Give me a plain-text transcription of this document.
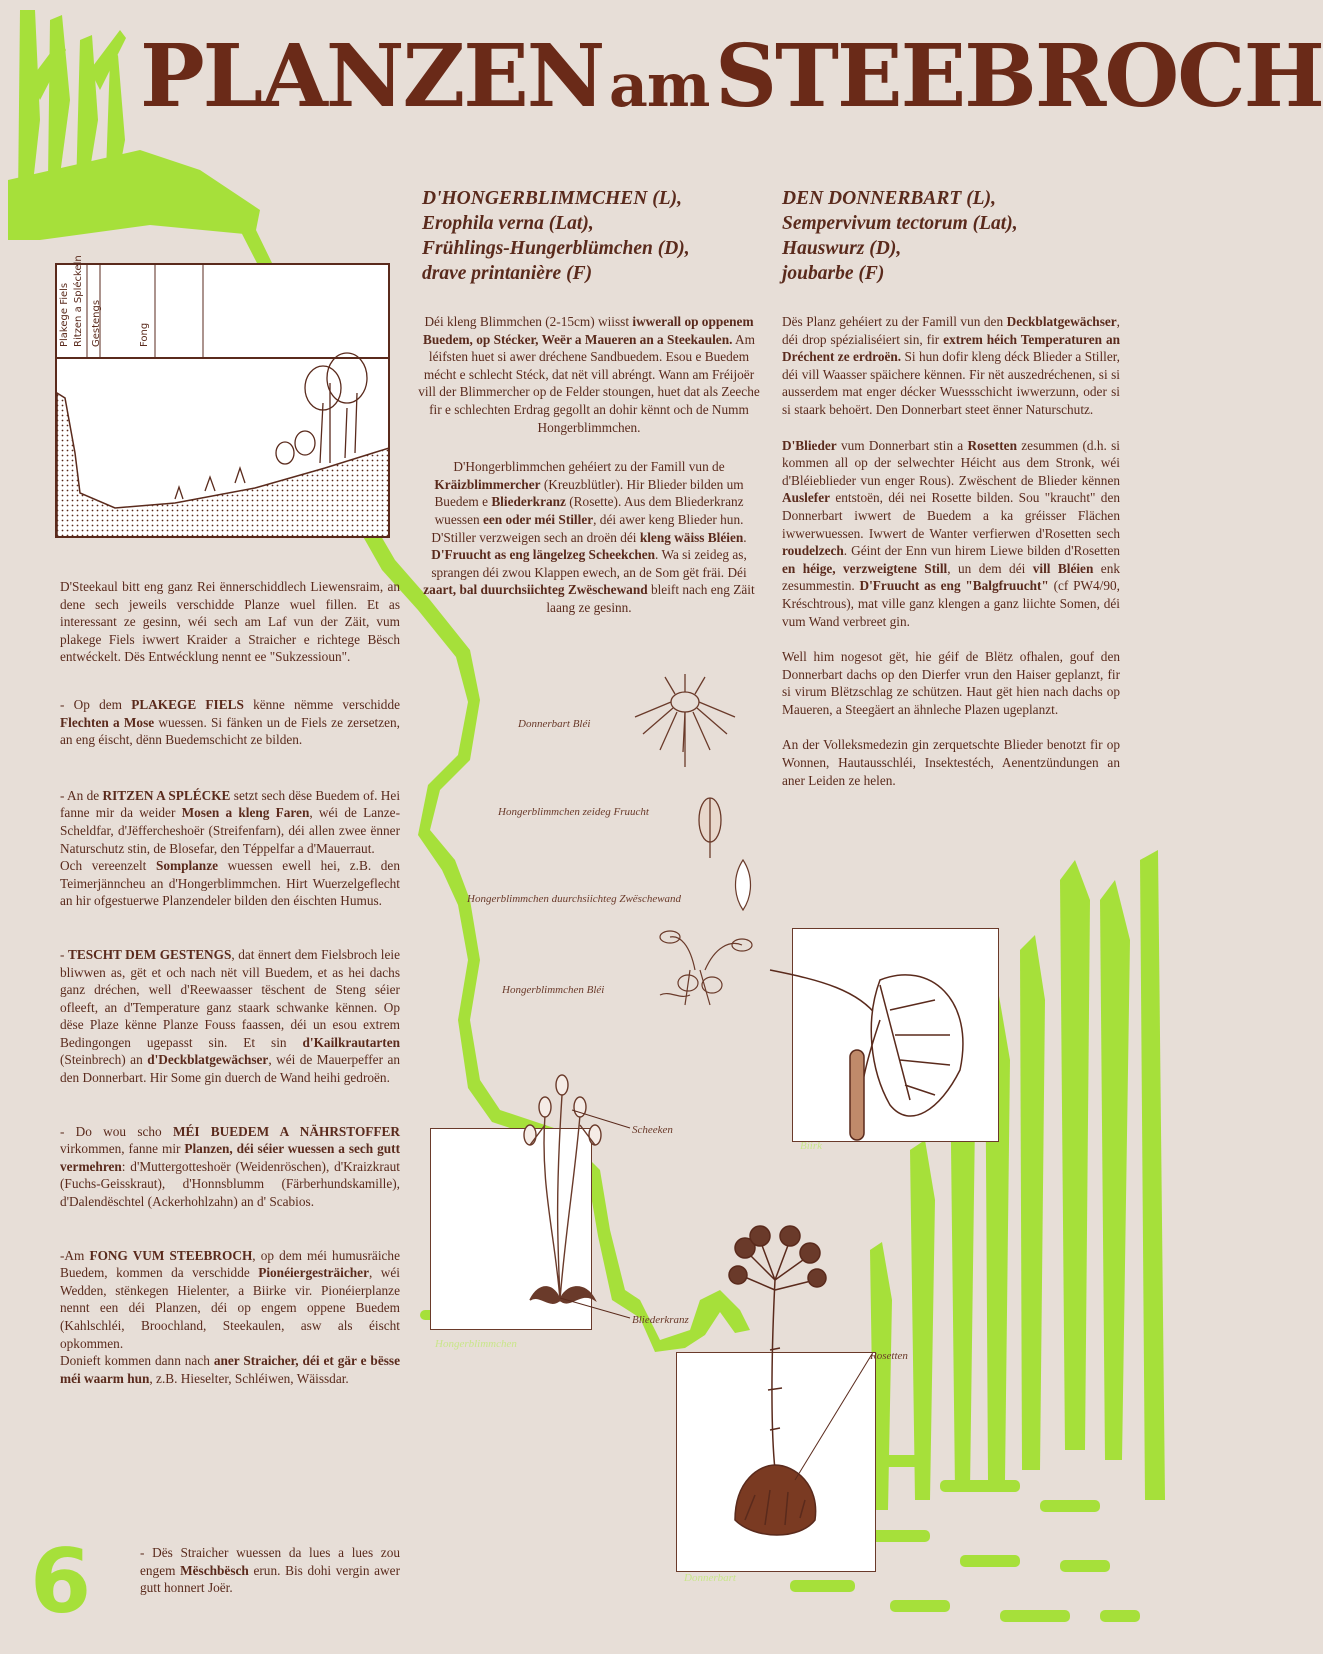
PLANZEN am STEEBROCH
Plakege Fiels Ritzen a Spléckeln Gestengs	Fong

D'Steekaul bitt eng ganz Rei ënnerschiddlech Liewensraim, an dene sech jeweils verschidde Planze wuel fillen. Et as interessant ze gesinn, wéi sech am Laf vun der Zäit, vum plakege Fiels iwwert Kraider a Straicher e richtege Bësch entwéckelt. Dës Entwécklung nennt ee "Sukzessioun".

- Op dem PLAKEGE FIELS kënne nëmme verschidde Flechten a Mose wuessen. Si fänken un de Fiels ze zersetzen, an eng éischt, dënn Buedemschicht ze bilden.

- An de RITZEN A SPLÉCKE setzt sech dëse Buedem of. Hei fanne mir da weider Mosen a kleng Faren, wéi de Lanze-Scheldfar, d'Jëffercheshoër (Streifenfarn), déi allen zwee ënner Naturschutz stin, de Blosefar, den Téppelfar a d'Mauerraut.

Och vereenzelt Somplanze wuessen ewell hei, z.B. den Teimerjänncheu an d'Hongerblimmchen. Hirt Wuerzelgeflecht an hir ofgestuerwe Planzendeler bilden den éischten Humus.

- TESCHT DEM GESTENGS, dat ënnert dem Fielsbroch leie bliwwen as, gët et och nach nët vill Buedem, et as hei dachs ganz dréchen, well d'Reewaasser tëschent de Steng séier ofleeft, an d'Temperature ganz staark schwanke kënnen. Op dëse Plaze kënne Planze Fouss faassen, déi un esou extrem Bedingongen ugepasst sin. Et sin d'Kailkrautarten (Steinbrech) an d'Deckblatgewächser, wéi de Mauerpeffer an den Donnerbart. Hir Some gin duerch de Wand heihi gedroën.

- Do wou scho MÉI BUEDEM A NÄHRSTOFFER virkommen, fanne mir Planzen, déi séier wuessen a sech gutt vermehren: d'Muttergotteshoër (Weidenröschen), d'Kraizkraut (Fuchs-Geisskraut), d'Honnsblumm (Färberhundskamille), d'Dalendëschtel (Ackerhohlzahn) an d' Scabios.

-Am FONG VUM STEEBROCH, op dem méi humusräiche Buedem, kommen da verschidde Pionéiergesträicher, wéi Wedden, stënkegen Hielenter, a Biirke vir. Pionéierplanze nennt een déi Planzen, déi op engem oppene Buedem (Kahlschléi, Broochland, Steekaulen, asw als éischt opkommen.

Donieft kommen dann nach aner Straicher, déi et gär e bësse méi waarm hun, z.B. Hieselter, Schléiwen, Wäissdar.

- Dës Straicher wuessen da lues a lues zou engem Mëschbësch erun. Bis dohi vergin awer gutt honnert Joër.
6
D'HONGERBLIMMCHEN (L),
Erophila verna (Lat),
Frühlings-Hungerblümchen (D),
drave printanière (F)

Déi kleng Blimmchen (2-15cm) wiisst iwwerall op oppenem Buedem, op Stécker, Weër a Maueren an a Steekaulen. Am léifsten huet si awer dréchene Sandbuedem. Esou e Buedem mécht e schlecht Stéck, dat nët vill abréngt. Wann am Fréijoër vill der Blimmercher op de Felder stoungen, huet dat als Zeeche fir e schlechten Erdrag gegollt an dohir kënnt och de Numm Hongerblimmchen.

D'Hongerblimmchen gehéiert zu der Famill vun de Kräizblimmercher (Kreuzblütler). Hir Blieder bilden um Buedem e Bliederkranz (Rosette). Aus dem Bliederkranz wuessen een oder méi Stiller, déi awer keng Blieder hun. D'Stiller verzweigen sech an droën déi kleng wäiss Bléien. D'Fruucht as eng längelzeg Scheekchen. Wa si zeideg as, sprangen déi zwou Klappen ewech, an de Som gët fräi. Déi zaart, bal duurchsiichteg Zwëschewand bleift nach eng Zäit laang ze gesinn.

DEN DONNERBART (L),
Sempervivum tectorum (Lat),
Hauswurz (D),
joubarbe (F)

Dës Planz gehéiert zu der Famill vun den Deckblatgewächser, déi drop spézialiséiert sin, fir extrem héich Temperaturen an Dréchent ze erdroën. Si hun dofir kleng déck Blieder a Stiller, déi vill Waasser späichere kënnen. Fir nët auszedréchenen, si si ausserdem mat enger décker Wuessschicht iwwerzunn, oder si si staark behoërt. Den Donnerbart steet ënner Naturschutz.

D'Blieder vum Donnerbart stin a Rosetten zesummen (d.h. si kommen all op der selwechter Héicht aus dem Stronk, wéi d'Bléieblieder vun enger Rous). Zwëschent de Blieder kënnen Auslefer entstoën, déi nei Rosette bilden. Sou "kraucht" den Donnerbart iwwert de Buedem a ka gréisser Flächen iwwerwuessen. Iwwert de Wanter verfierwen d'Rosetten sech roudelzech. Géint der Enn vun hirem Liewe bilden d'Rosetten en héige, verzweigtene Still, un dem déi vill Bléien enk zesummestin. D'Fruucht as eng "Balgfruucht" (cf PW4/90, Kréschtrous), mat ville ganz klengen a ganz liichte Somen, déi vum Wand verbreet gin.

Well him nogesot gët, hie géif de Blëtz ofhalen, gouf den Donnerbart dachs op den Dierfer vrun den Haiser geplanzt, fir si virum Blëtzschlag ze schützen. Haut gët hien nach dachs op Maueren, a Steegäert an ähnleche Plazen ugeplanzt.

An der Volleksmedezin gin zerquetschte Blieder benotzt fir op Wonnen, Hautausschléi, Insektestéch, Aenentzündungen an aner Leiden ze helen.

Donnerbart Bléi
Hongerblimmchen zeideg Fruucht
Hongerblimmchen duurchsiichteg Zwëschewand
Hongerblimmchen Bléi
Scheeken
Bliederkranz
Hongerblimmchen
Biirk
Rosetten
Donnerbart
